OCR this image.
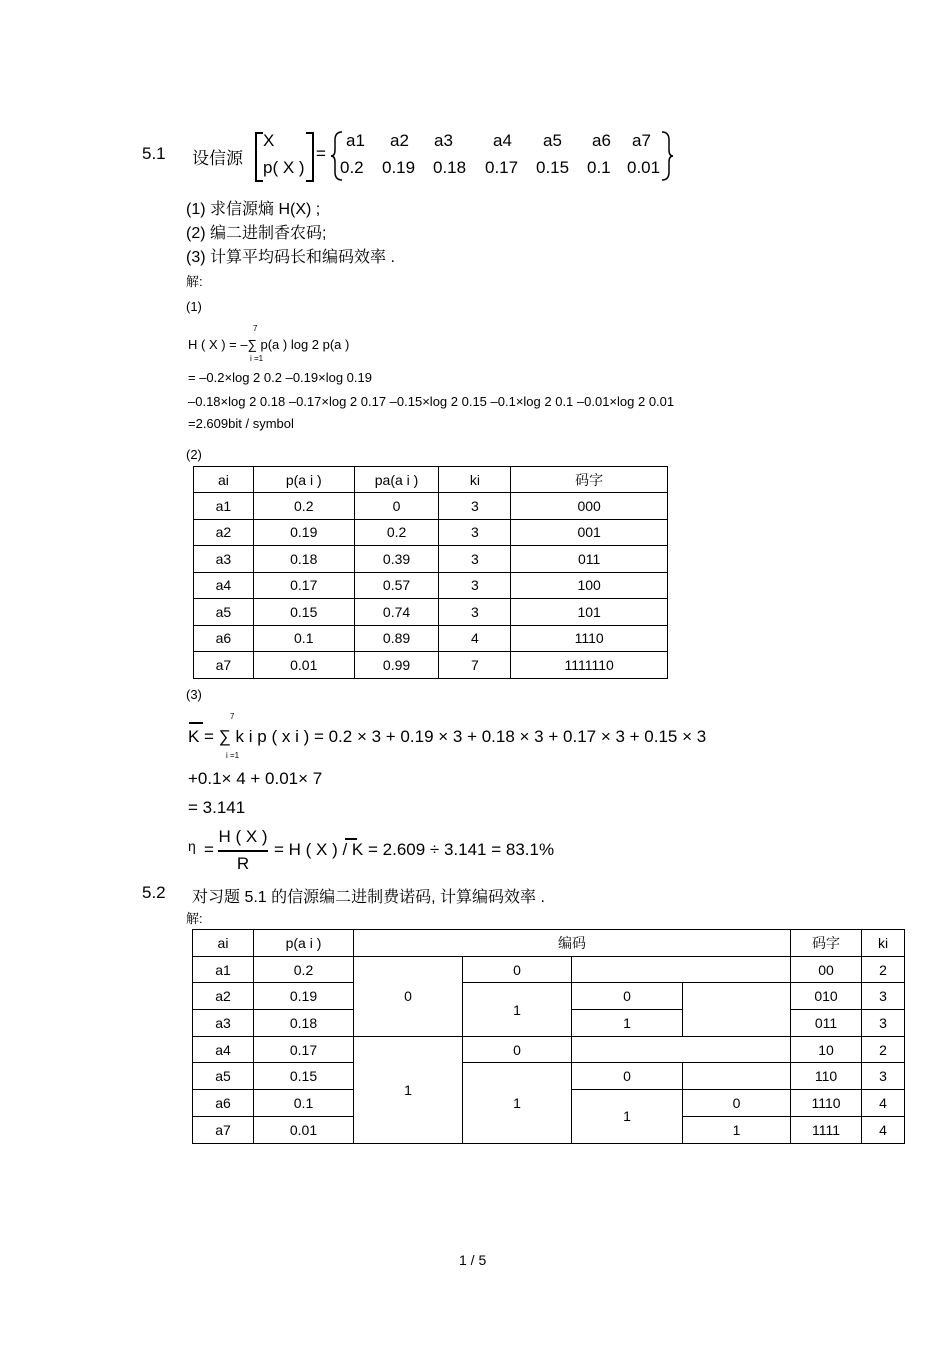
5.1 设信源
X
p( X )
=
a1 a2 a3 a4 a5 a6 a7
0.2 0.19 0.18 0.17 0.15 0.1 0.01
(1) 求信源熵 H(X) ;
(2) 编二进制香农码;
(3) 计算平均码长和编码效率 .
解:
(1)
7
i =1
H ( X ) = –∑ p(a ) log 2 p(a )
= –0.2×log 2 0.2 –0.19×log 0.19
–0.18×log 2 0.18 –0.17×log 2 0.17 –0.15×log 2 0.15 –0.1×log 2 0.1 –0.01×log 2 0.01
=2.609bit / symbol
(2)
ai	p(a i )	pa(a i )	ki	码字
a1	0.2	0	3	000
a2	0.19	0.2	3	001
a3	0.18	0.39	3	011
a4	0.17	0.57	3	100
a5	0.15	0.74	3	101
a6	0.1	0.89	4	1110
a7	0.01	0.99	7	1111110
(3)
7
i =1
K = ∑ k i p ( x i ) = 0.2 × 3 + 0.19 × 3 + 0.18 × 3 + 0.17 × 3 + 0.15 × 3
+0.1× 4 + 0.01× 7
= 3.141
η =
H ( X )
R
= H ( X ) / K = 2.609 ÷ 3.141 = 83.1%
5.2 对习题 5.1 的信源编二进制费诺码, 计算编码效率 .
解:
ai	p(a i )	编码				码字	ki
a1	0.2	0	0			00	2
a2	0.19		1	0		010	3
a3	0.18			1		011	3
a4	0.17	1	0			10	2
a5	0.15		1	0		110	3
a6	0.1			1	0	1110	4
a7	0.01				1	1111	4
1 / 5
